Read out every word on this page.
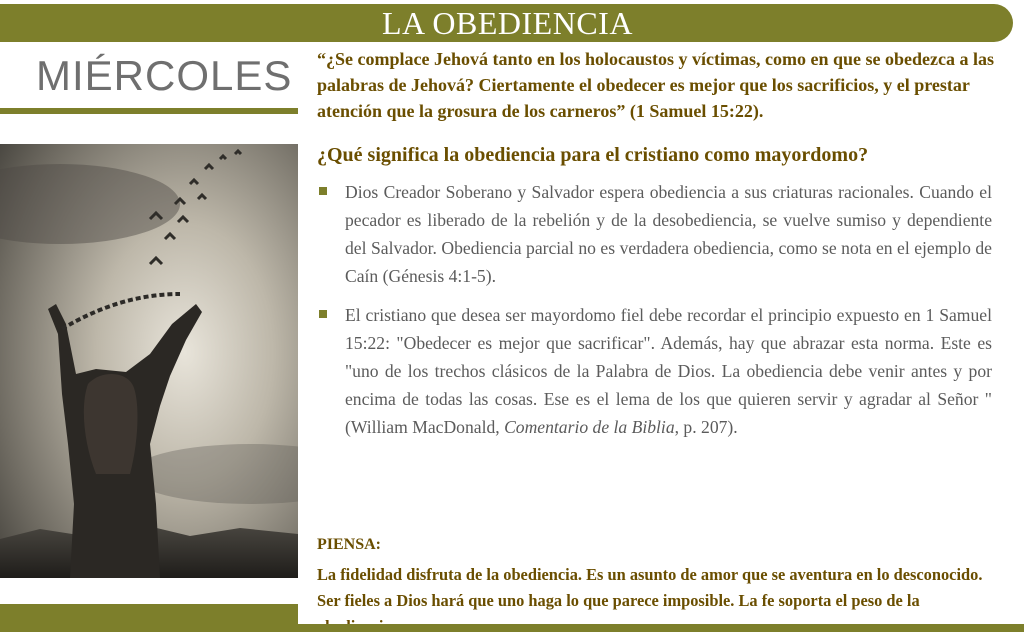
LA OBEDIENCIA
MIÉRCOLES “¿Se complace Jehová tanto en los holocaustos y víctimas, como en que se obedezca a las palabras de Jehová? Ciertamente el obedecer es mejor que los sacrificios, y el prestar atención que la grosura de los carneros” (1 Samuel 15:22).
¿Qué significa la obediencia para el cristiano como mayordomo?
Dios Creador Soberano y Salvador espera obediencia a sus criaturas racionales. Cuando el pecador es liberado de la rebelión y de la desobediencia, se vuelve sumiso y dependiente del Salvador. Obediencia parcial no es verdadera obediencia, como se nota en el ejemplo de Caín (Génesis 4:1-5).
El cristiano que desea ser mayordomo fiel debe recordar el principio expuesto en 1 Samuel 15:22: "Obedecer es mejor que sacrificar". Además, hay que abrazar esta norma. Este es "uno de los trechos clásicos de la Palabra de Dios. La obediencia debe venir antes y por encima de todas las cosas. Ese es el lema de los que quieren servir y agradar al Señor "(William MacDonald, Comentario de la Biblia, p. 207).
PIENSA:
La fidelidad disfruta de la obediencia. Es un asunto de amor que se aventura en lo desconocido. Ser fieles a Dios hará que uno haga lo que parece imposible. La fe soporta el peso de la
